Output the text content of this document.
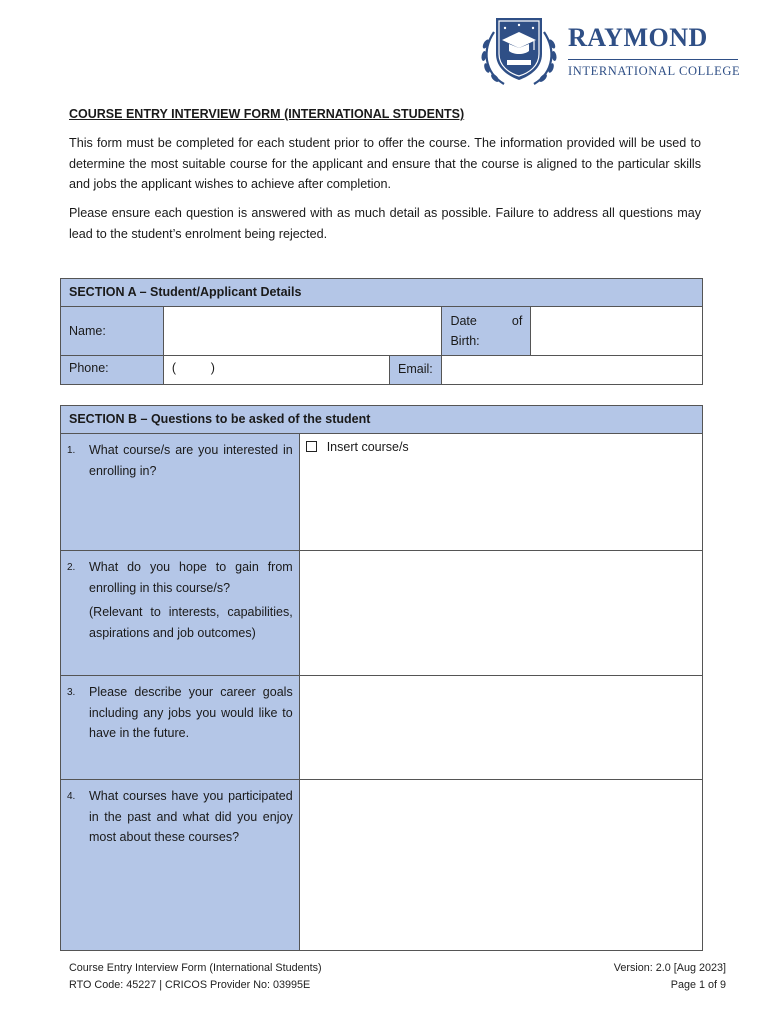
RAYMOND
INTERNATIONAL COLLEGE
COURSE ENTRY INTERVIEW FORM (INTERNATIONAL STUDENTS)

This form must be completed for each student prior to offer the course. The information provided will be used to determine the most suitable course for the applicant and ensure that the course is aligned to the particular skills and jobs the applicant wishes to achieve after completion.

Please ensure each question is answered with as much detail as possible. Failure to address all questions may lead to the student’s enrolment being rejected.

SECTION A – Student/Applicant Details				
Name:			Date of Birth:	
Phone:	(          )				Email:
SECTION B – Questions to be asked of the student	

1. What course/s are you interested in enrolling in?	Insert course/s

2. What do you hope to gain from enrolling in this course/s?
(Relevant to interests, capabilities, aspirations and job outcomes)	

3. Please describe your career goals including any jobs you would like to have in the future.	

4. What courses have you participated in the past and what did you enjoy most about these courses?	

Course Entry Interview Form (International Students)
RTO Code: 45227 | CRICOS Provider No: 03995E
Version: 2.0 [Aug 2023]
Page 1 of 9
